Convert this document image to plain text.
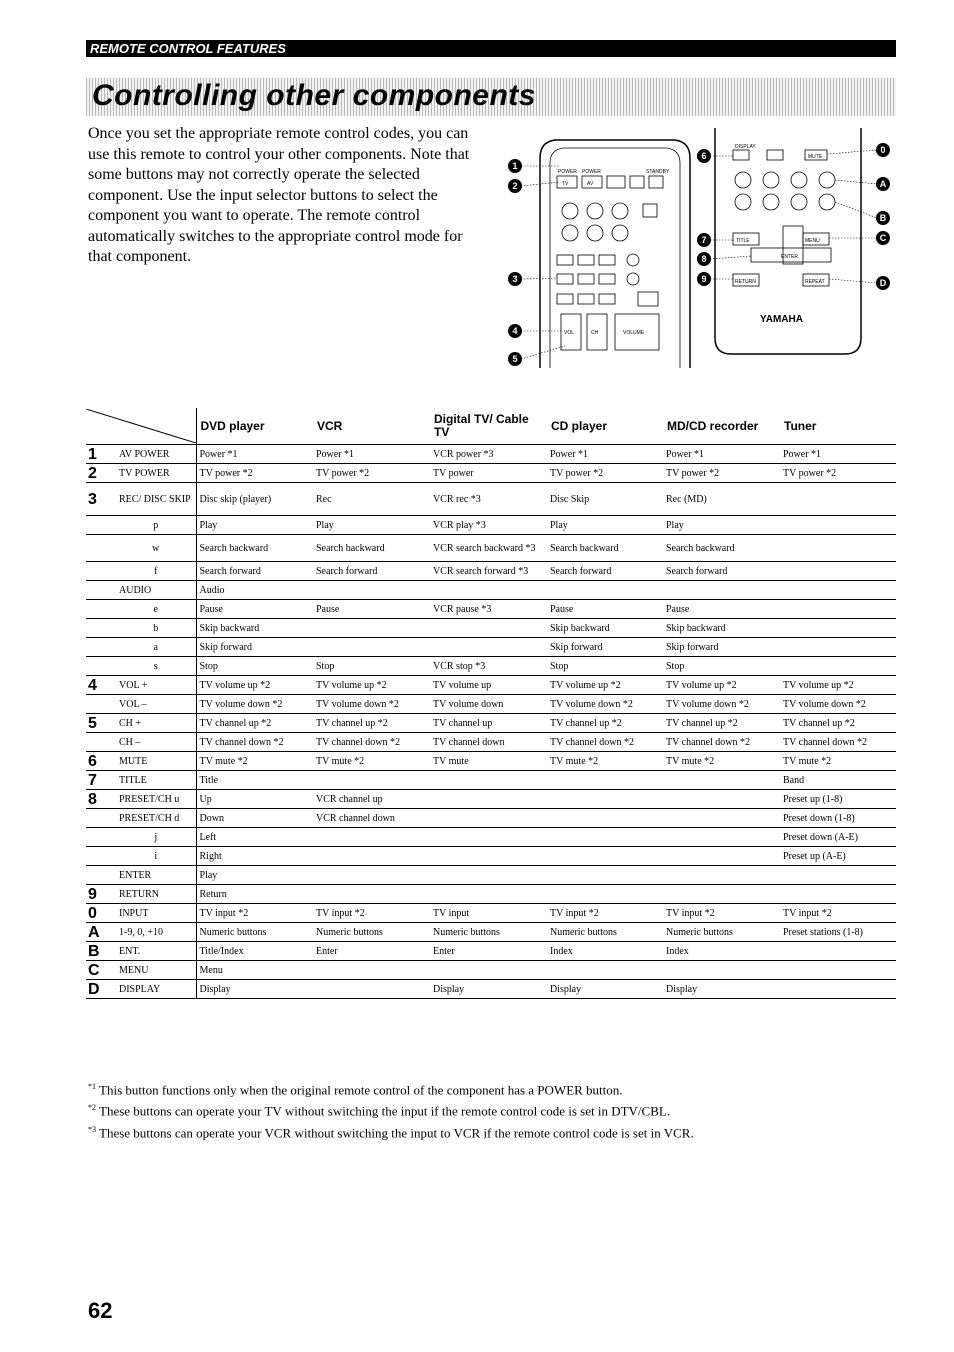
REMOTE CONTROL FEATURES
Controlling other components

Once you set the appropriate remote control codes, you can use this remote to control your other components. Note that some buttons may not correctly operate the selected component. Use the input selector buttons to select the component you want to operate. The remote control automatically switches to the appropriate control mode for that component.

POWER POWER	STANDBY
TV	AV
VOL	CH	VOLUME
MUTE
TITLE
ENTER
RETURN	REPEAT
MENU
YAMAHA
1
2
3
4
5
6
7
8
9
0
A
B
C
D
DISPLAY
	DVD player	VCR	Digital TV/ Cable TV	CD player	MD/CD recorder	Tuner
1	AV POWER	Power *1	Power *1	VCR power *3	Power *1	Power *1	Power *1
2	TV POWER	TV power *2	TV power *2	TV power	TV power *2	TV power *2	TV power *2
3	REC/ DISC SKIP	Disc skip (player)	Rec	VCR rec *3	Disc Skip	Rec (MD)	
	p	Play	Play	VCR play *3	Play	Play	
	w	Search backward	Search backward	VCR search backward *3	Search backward	Search backward	
	f	Search forward	Search forward	VCR search forward *3	Search forward	Search forward	
	AUDIO	Audio					
	e	Pause	Pause	VCR pause *3	Pause	Pause	
	b	Skip backward			Skip backward	Skip backward	
	a	Skip forward			Skip forward	Skip forward	
	s	Stop	Stop	VCR stop *3	Stop	Stop	
4	VOL +	TV volume up *2	TV volume up *2	TV volume up	TV volume up *2	TV volume up *2	TV volume up *2
	VOL –	TV volume down *2	TV volume down *2	TV volume down	TV volume down *2	TV volume down *2	TV volume down *2
5	CH +	TV channel up *2	TV channel up *2	TV channel up	TV channel up *2	TV channel up *2	TV channel up *2
	CH –	TV channel down *2	TV channel down *2	TV channel down	TV channel down *2	TV channel down *2	TV channel down *2
6	MUTE	TV mute *2	TV mute *2	TV mute	TV mute *2	TV mute *2	TV mute *2
7	TITLE	Title					Band
8	PRESET/CH u	Up	VCR channel up				Preset up (1-8)
	PRESET/CH d	Down	VCR channel down				Preset down (1-8)
	j	Left					Preset down (A-E)
	i	Right					Preset up (A-E)
	ENTER	Play					
9	RETURN	Return					
0	INPUT	TV input *2	TV input *2	TV input	TV input *2	TV input *2	TV input *2
A	1-9, 0, +10	Numeric buttons	Numeric buttons	Numeric buttons	Numeric buttons	Numeric buttons	Preset stations (1-8)
B	ENT.	Title/Index	Enter	Enter	Index	Index	
C	MENU	Menu					
D	DISPLAY	Display		Display	Display	Display	
$^{*1}$ This button functions only when the original remote control of the component has a POWER button.
$^{*2}$ These buttons can operate your TV without switching the input if the remote control code is set in DTV/CBL.
$^{*3}$ These buttons can operate your VCR without switching the input to VCR if the remote control code is set in VCR.
62
